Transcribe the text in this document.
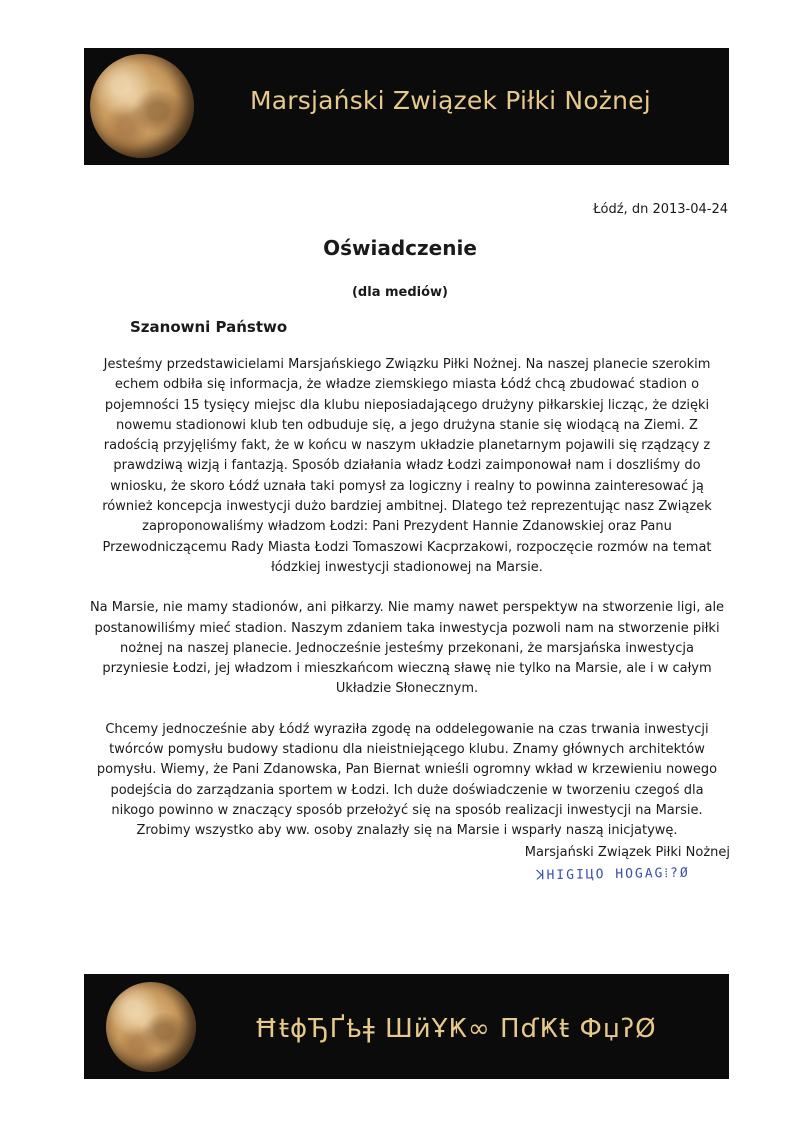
Marsjański Związek Piłki Nożnej
Łódź, dn 2013-04-24
Oświadczenie
(dla mediów)
Szanowni Państwo

Jesteśmy przedstawicielami Marsjańskiego Związku Piłki Nożnej. Na naszej planecie szerokim echem odbiła się informacja, że władze ziemskiego miasta Łódź chcą zbudować stadion o pojemności 15 tysięcy miejsc dla klubu nieposiadającego drużyny piłkarskiej licząc, że dzięki nowemu stadionowi klub ten odbuduje się, a jego drużyna stanie się wiodącą na Ziemi. Z radością przyjęliśmy fakt, że w końcu w naszym układzie planetarnym pojawili się rządzący z prawdziwą wizją i fantazją. Sposób działania władz Łodzi zaimponował nam i doszliśmy do wniosku, że skoro Łódź uznała taki pomysł za logiczny i realny to powinna zainteresować ją również koncepcja inwestycji dużo bardziej ambitnej. Dlatego też reprezentując nasz Związek zaproponowaliśmy władzom Łodzi: Pani Prezydent Hannie Zdanowskiej oraz Panu Przewodniczącemu Rady Miasta Łodzi Tomaszowi Kacprzakowi, rozpoczęcie rozmów na temat łódzkiej inwestycji stadionowej na Marsie.

Na Marsie, nie mamy stadionów, ani piłkarzy. Nie mamy nawet perspektyw na stworzenie ligi, ale postanowiliśmy mieć stadion. Naszym zdaniem taka inwestycja pozwoli nam na stworzenie piłki nożnej na naszej planecie. Jednocześnie jesteśmy przekonani, że marsjańska inwestycja przyniesie Łodzi, jej władzom i mieszkańcom wieczną sławę nie tylko na Marsie, ale i w całym Układzie Słonecznym.

Chcemy jednocześnie aby Łódź wyraziła zgodę na oddelegowanie na czas trwania inwestycji twórców pomysłu budowy stadionu dla nieistniejącego klubu. Znamy głównych architektów pomysłu. Wiemy, że Pani Zdanowska, Pan Biernat wnieśli ogromny wkład w krzewieniu nowego podejścia do zarządzania sportem w Łodzi. Ich duże doświadczenie w tworzeniu czegoś dla nikogo powinno w znaczący sposób przełożyć się na sposób realizacji inwestycji na Marsie. Zrobimy wszystko aby ww. osoby znalazły się na Marsie i wsparły naszą inicjatywę.

Marsjański Związek Piłki Nożnej
ꓘHIGIЦO HOGAG⁞?Ø
ĦŧɸЂҐҍǂ ШӥҰҜ∞ ПɗҜŧ ФџʔØ
